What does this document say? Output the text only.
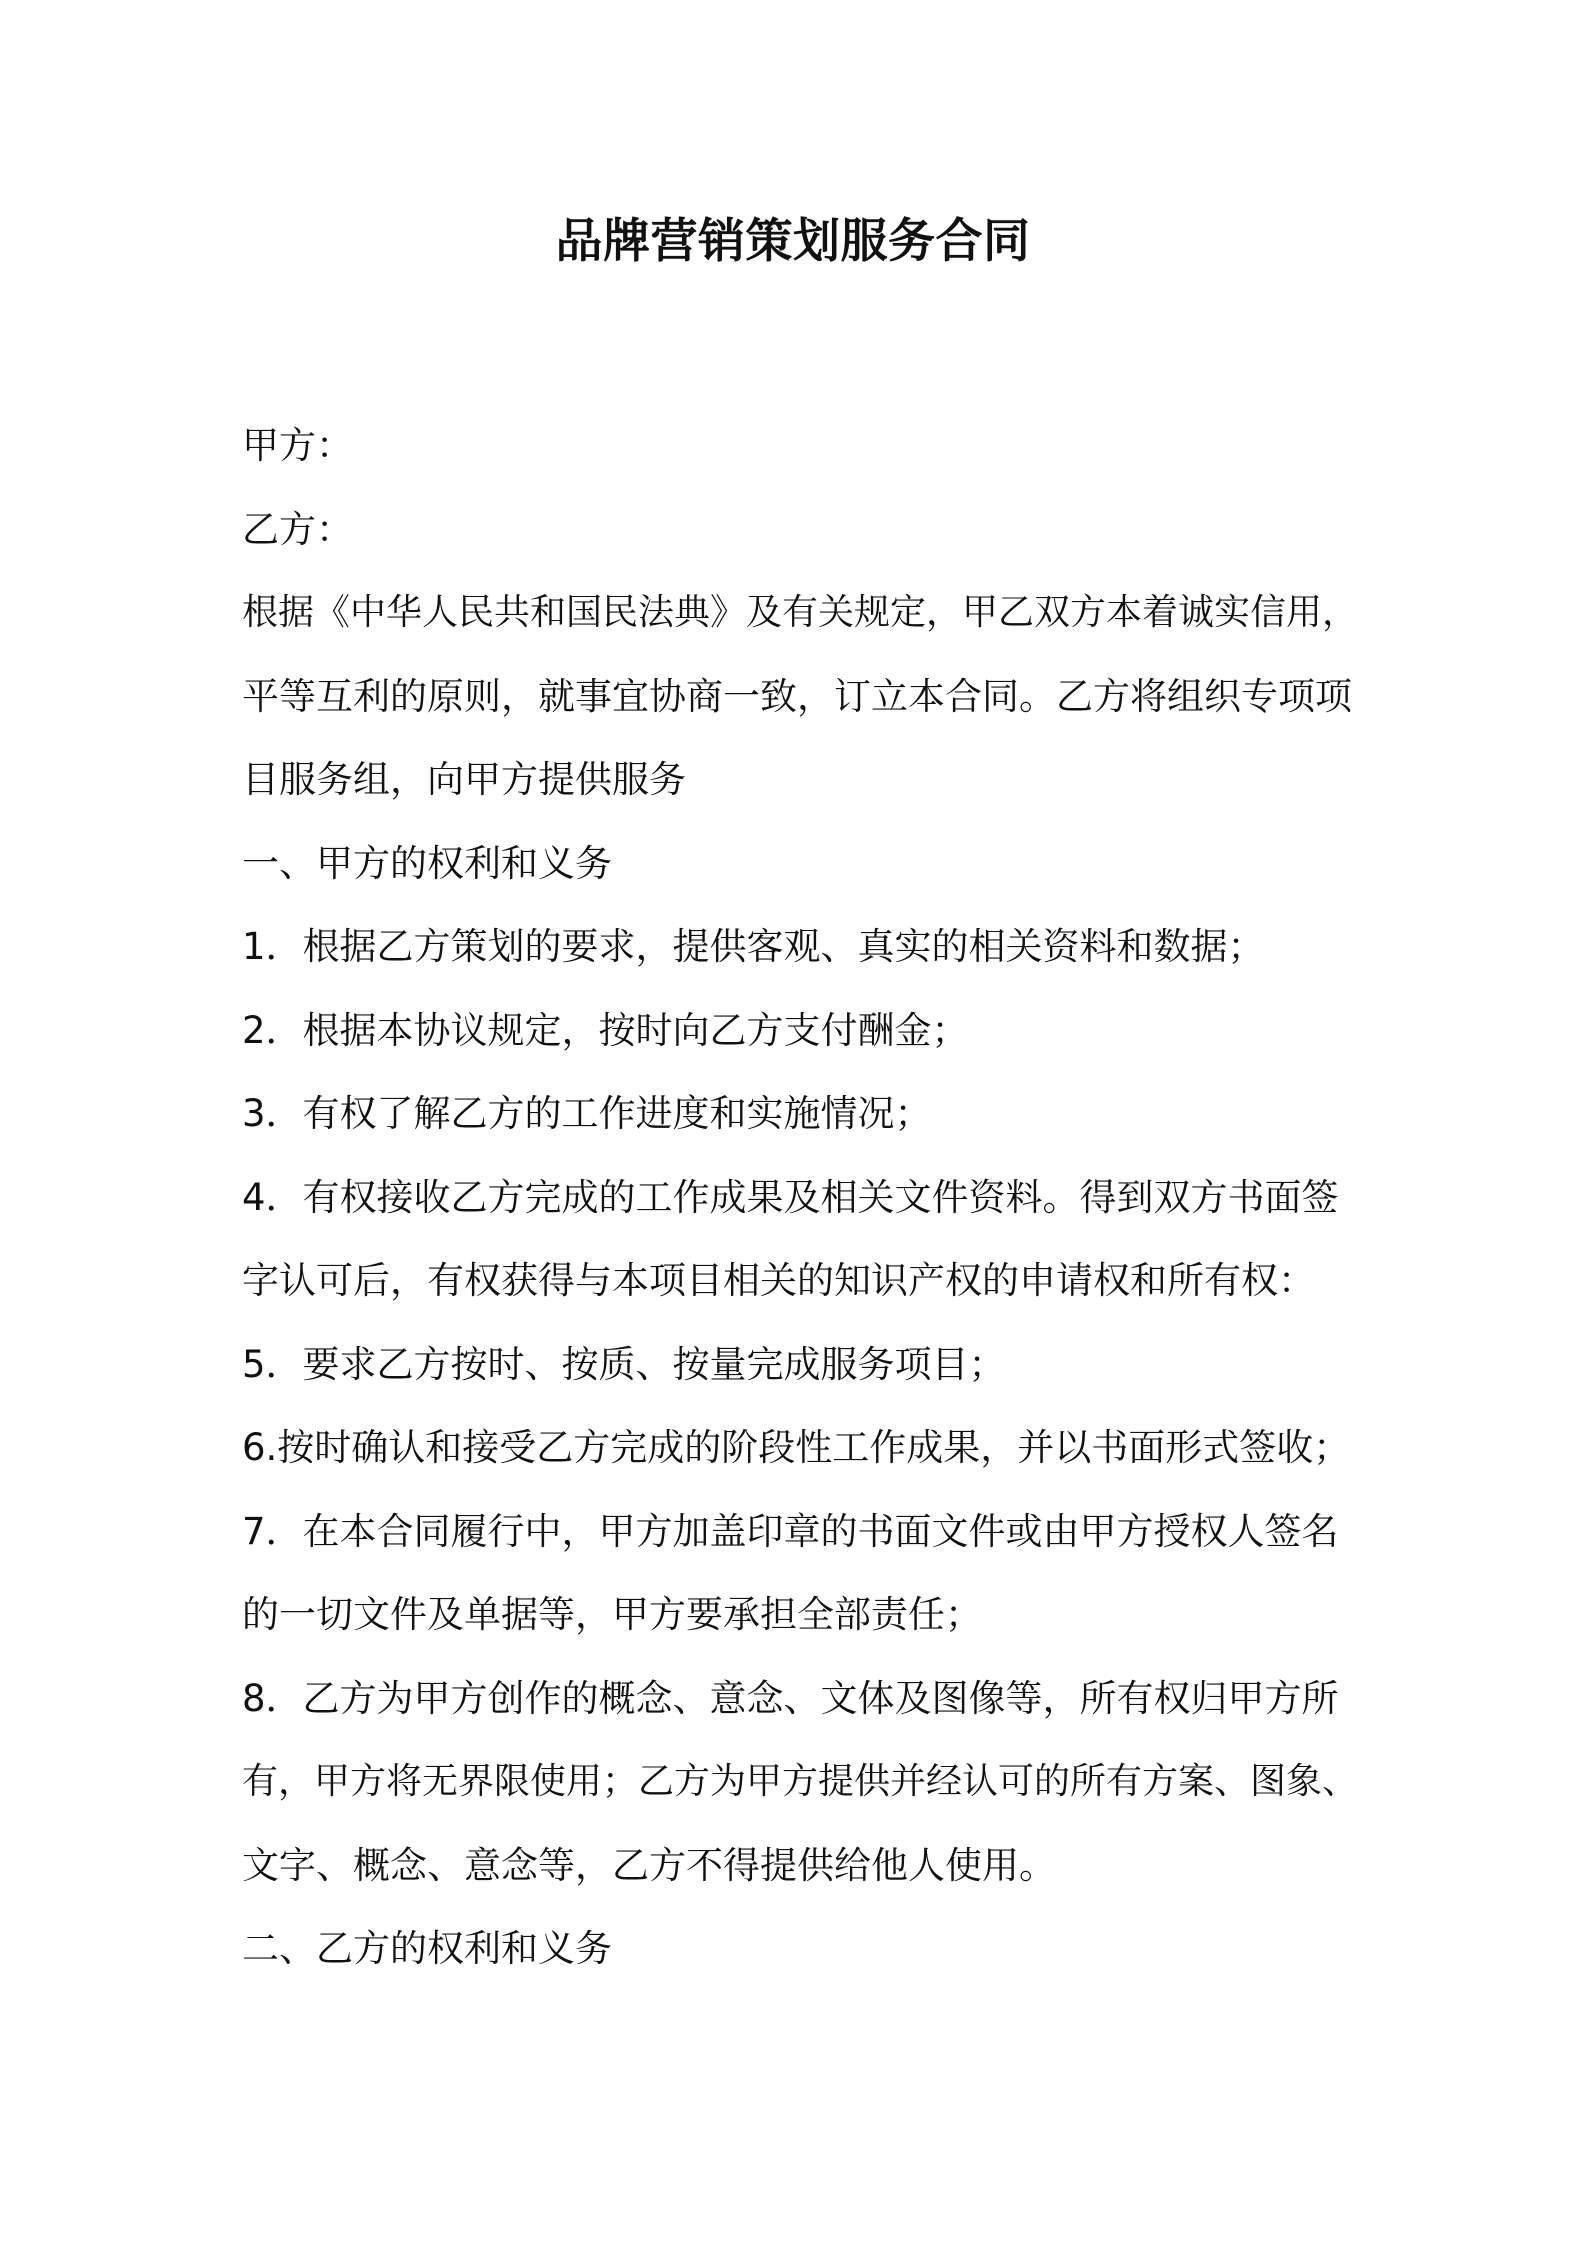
品牌营销策划服务合同

甲方：

乙方：

根据《中华人民共和国民法典》及有关规定，甲乙双方本着诚实信用，

平等互利的原则，就事宜协商一致，订立本合同。乙方将组织专项项

目服务组，向甲方提供服务

一、甲方的权利和义务

1．根据乙方策划的要求，提供客观、真实的相关资料和数据；

2．根据本协议规定，按时向乙方支付酬金；

3．有权了解乙方的工作进度和实施情况；

4．有权接收乙方完成的工作成果及相关文件资料。得到双方书面签

字认可后，有权获得与本项目相关的知识产权的申请权和所有权：

5．要求乙方按时、按质、按量完成服务项目；

6.按时确认和接受乙方完成的阶段性工作成果，并以书面形式签收；

7．在本合同履行中，甲方加盖印章的书面文件或由甲方授权人签名

的一切文件及单据等，甲方要承担全部责任；

8．乙方为甲方创作的概念、意念、文体及图像等，所有权归甲方所

有，甲方将无界限使用；乙方为甲方提供并经认可的所有方案、图象、

文字、概念、意念等，乙方不得提供给他人使用。

二、乙方的权利和义务
